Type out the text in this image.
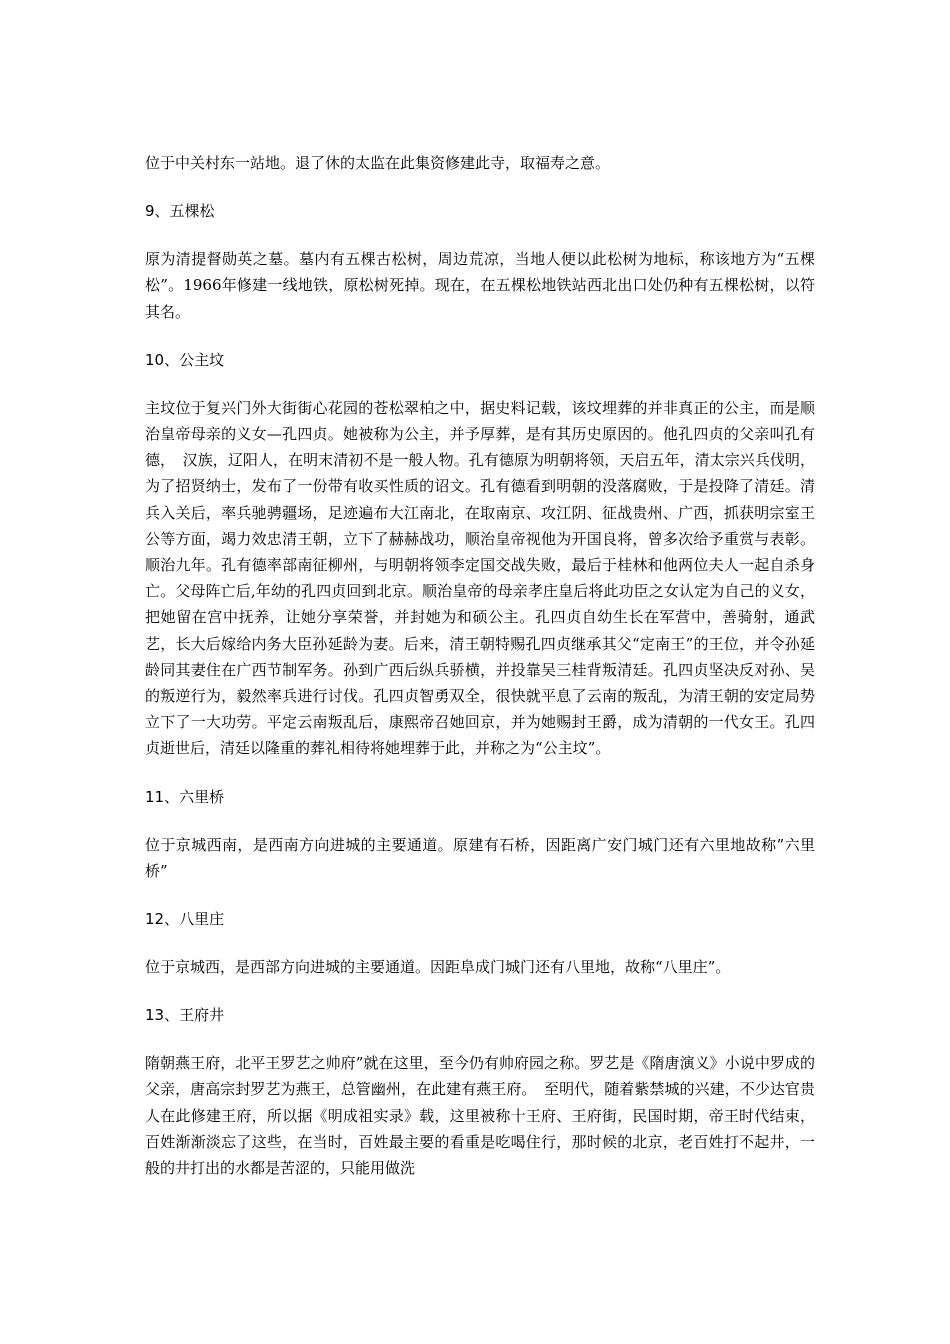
位于中关村东一站地。退了休的太监在此集资修建此寺，取福寿之意。

9、五棵松

原为清提督勋英之墓。墓内有五棵古松树，周边荒凉，当地人便以此松树为地标，称该地方为“五棵松”。1966年修建一线地铁，原松树死掉。现在，在五棵松地铁站西北出口处仍种有五棵松树，以符其名。

10、公主坟

主坟位于复兴门外大街街心花园的苍松翠柏之中，据史料记载，该坟埋葬的并非真正的公主，而是顺治皇帝母亲的义女—孔四贞。她被称为公主，并予厚葬，是有其历史原因的。他孔四贞的父亲叫孔有德，　汉族，辽阳人，在明末清初不是一般人物。孔有德原为明朝将领，天启五年，清太宗兴兵伐明，为了招贤纳士，发布了一份带有收买性质的诏文。孔有德看到明朝的没落腐败，于是投降了清廷。清兵入关后，率兵驰骋疆场，足迹遍布大江南北，在取南京、攻江阴、征战贵州、广西，抓获明宗室王公等方面，竭力效忠清王朝，立下了赫赫战功，顺治皇帝视他为开国良将，曾多次给予重赏与表彰。顺治九年。孔有德率部南征柳州，与明朝将领李定国交战失败，最后于桂林和他两位夫人一起自杀身亡。父母阵亡后,年幼的孔四贞回到北京。顺治皇帝的母亲孝庄皇后将此功臣之女认定为自己的义女，把她留在宫中抚养，让她分享荣誉，并封她为和硕公主。孔四贞自幼生长在军营中，善骑射，通武艺，长大后嫁给内务大臣孙延龄为妻。后来，清王朝特赐孔四贞继承其父“定南王”的王位，并令孙延龄同其妻住在广西节制军务。孙到广西后纵兵骄横，并投靠吴三桂背叛清廷。孔四贞坚决反对孙、吴的叛逆行为，毅然率兵进行讨伐。孔四贞智勇双全，很快就平息了云南的叛乱，为清王朝的安定局势立下了一大功劳。平定云南叛乱后，康熙帝召她回京，并为她赐封王爵，成为清朝的一代女王。孔四贞逝世后，清廷以隆重的葬礼相待将她埋葬于此，并称之为“公主坟”。

11、六里桥

位于京城西南，是西南方向进城的主要通道。原建有石桥，因距离广安门城门还有六里地故称”六里桥”

12、八里庄

位于京城西，是西部方向进城的主要通道。因距阜成门城门还有八里地，故称“八里庄”。

13、王府井

隋朝燕王府，北平王罗艺之帅府”就在这里，至今仍有帅府园之称。罗艺是《隋唐演义》小说中罗成的父亲，唐高宗封罗艺为燕王，总管幽州，在此建有燕王府。　至明代，随着紫禁城的兴建，不少达官贵人在此修建王府，所以据《明成祖实录》载，这里被称十王府、王府街，民国时期，帝王时代结束，百姓渐渐淡忘了这些，在当时，百姓最主要的看重是吃喝住行，那时候的北京，老百姓打不起井，一般的井打出的水都是苦涩的，只能用做洗
